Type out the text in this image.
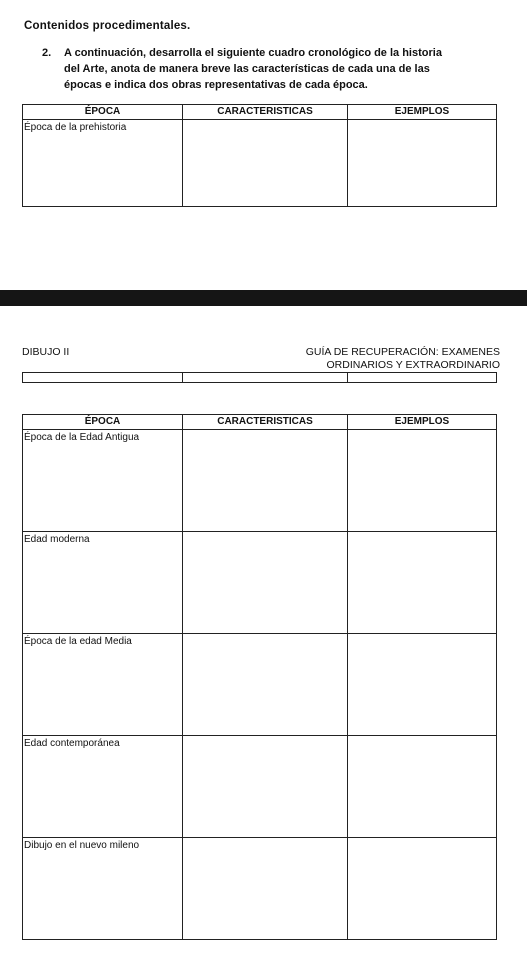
Contenidos procedimentales.
2.	A continuación, desarrolla el siguiente cuadro cronológico de la historia
del Arte, anota de manera breve las características de cada una de las
épocas e indica dos obras representativas de cada época.
ÉPOCA	CARACTERISTICAS	EJEMPLOS
Época de la prehistoria		
DIBUJO II	GUÍA DE RECUPERACIÓN: EXAMENES
ORDINARIOS Y EXTRAORDINARIO

ÉPOCA	CARACTERISTICAS	EJEMPLOS
Época de la Edad Antigua		
Edad moderna		
Época de la edad Media		
Edad contemporánea		
Dibujo en el nuevo mileno		
